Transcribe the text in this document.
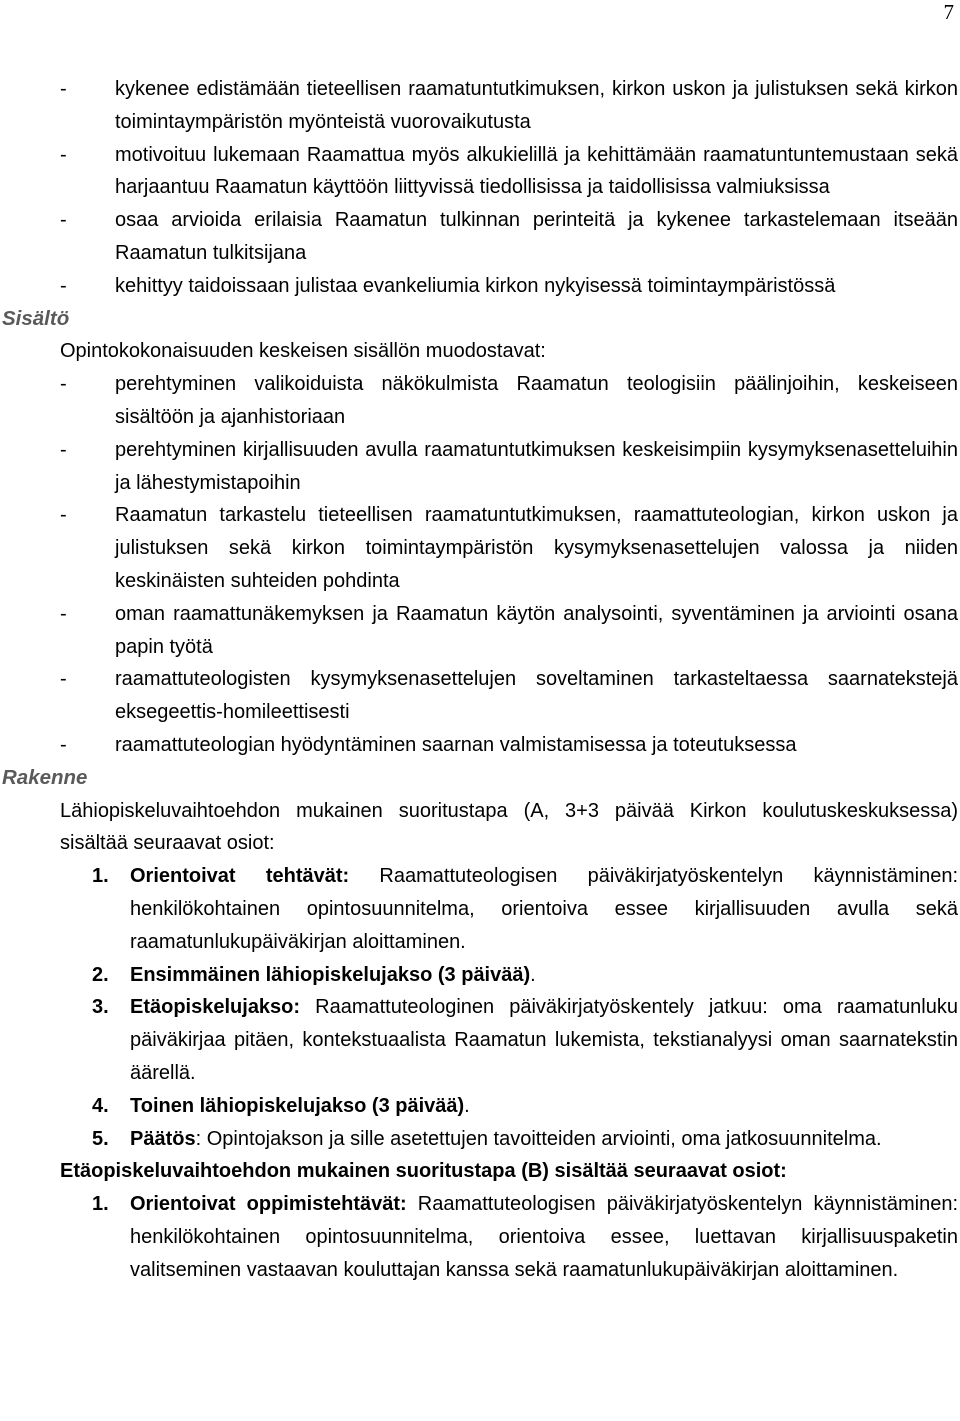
7
- kykenee edistämään tieteellisen raamatuntutkimuksen, kirkon uskon ja julistuksen sekä kirkon toimintaympäristön myönteistä vuorovaikutusta
- motivoituu lukemaan Raamattua myös alkukielillä ja kehittämään raamatuntuntemustaan sekä harjaantuu Raamatun käyttöön liittyvissä tiedollisissa ja taidollisissa valmiuksissa
- osaa arvioida erilaisia Raamatun tulkinnan perinteitä ja kykenee tarkastelemaan itseään Raamatun tulkitsijana
- kehittyy taidoissaan julistaa evankeliumia kirkon nykyisessä toimintaympäristössä
Sisältö
Opintokokonaisuuden keskeisen sisällön muodostavat:
- perehtyminen valikoiduista näkökulmista Raamatun teologisiin päälinjoihin, keskeiseen sisältöön ja ajanhistoriaan
- perehtyminen kirjallisuuden avulla raamatuntutkimuksen keskeisimpiin kysymyksenasetteluihin ja lähestymistapoihin
- Raamatun tarkastelu tieteellisen raamatuntutkimuksen, raamattuteologian, kirkon uskon ja julistuksen sekä kirkon toimintaympäristön kysymyksenasettelujen valossa ja niiden keskinäisten suhteiden pohdinta
- oman raamattunäkemyksen ja Raamatun käytön analysointi, syventäminen ja arviointi osana papin työtä
- raamattuteologisten kysymyksenasettelujen soveltaminen tarkasteltaessa saarnatekstejä eksegeettis-homileettisesti
- raamattuteologian hyödyntäminen saarnan valmistamisessa ja toteutuksessa
Rakenne
Lähiopiskeluvaihtoehdon mukainen suoritustapa (A, 3+3 päivää Kirkon koulutuskeskuksessa) sisältää seuraavat osiot:
1. Orientoivat tehtävät: Raamattuteologisen päiväkirjatyöskentelyn käynnistäminen: henkilökohtainen opintosuunnitelma, orientoiva essee kirjallisuuden avulla sekä raamatunlukupäiväkirjan aloittaminen.
2. Ensimmäinen lähiopiskelujakso (3 päivää).
3. Etäopiskelujakso: Raamattuteologinen päiväkirjatyöskentely jatkuu: oma raamatunluku päiväkirjaa pitäen, kontekstuaalista Raamatun lukemista, tekstianalyysi oman saarnatekstin äärellä.
4. Toinen lähiopiskelujakso (3 päivää).
5. Päätös: Opintojakson ja sille asetettujen tavoitteiden arviointi, oma jatkosuunnitelma.
Etäopiskeluvaihtoehdon mukainen suoritustapa (B) sisältää seuraavat osiot:
1. Orientoivat oppimistehtävät: Raamattuteologisen päiväkirjatyöskentelyn käynnistäminen: henkilökohtainen opintosuunnitelma, orientoiva essee, luettavan kirjallisuuspaketin valitseminen vastaavan kouluttajan kanssa sekä raamatunlukupäiväkirjan aloittaminen.
